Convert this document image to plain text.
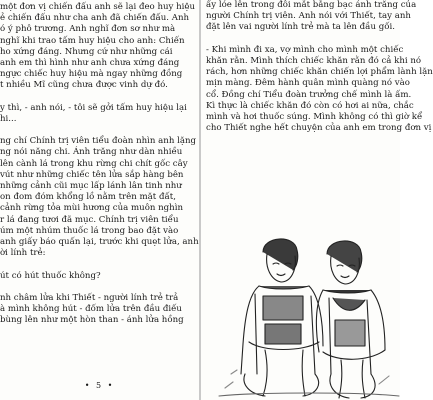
một đơn vị chiến đấu anh sẽ lại đeo huy hiệu
ẻ chiến đấu như cha anh đã chiến đấu. Anh
ó ý phô trương. Anh nghĩ đơn sơ như mà
nghĩ khi trao tấm huy hiệu cho anh: Chiến
ho xứng đáng. Nhưng cứ như những cái
anh em thì hình như anh chưa xứng đáng
ngực chiếc huy hiệu mà ngay những đồng
t nhiều Mĩ cũng chưa được vinh dự đó.
y thì, - anh nói, - tôi sẽ gởi tấm huy hiệu lại
hi...
ng chí Chính trị viên tiểu đoàn nhìn anh lặng
ng nói năng chi. Ánh trăng như dàn nhiều
lên cành lá trong khu rừng chi chít gốc cây
vút như những chiếc tên lửa sắp hàng bên
những cảnh cũi mục lấp lánh lân tinh như
on đom đóm khổng lồ nằm trên mặt đất,
cảnh rừng tỏa mùi hương của muôn nghìn
r lá đang tươi đã mục. Chính trị viên tiểu
úm một nhúm thuốc lá trong bao đặt vào
anh giấy báo quấn lại, trước khi quẹt lửa, anh
ời lính trẻ:
út có hút thuốc không?
nh châm lửa khi Thiết - người lính trẻ trả
à mình không hút - đốm lửa trên đầu điếu
bùng lên như một hòn than - ánh lửa hồng
• 5 •
ấy lóe lên trong đôi mắt bằng bạc ánh trăng của
người Chính trị viên. Anh nói với Thiết, tay anh
đặt lên vai người lính trẻ mà ta lên đầu gối.
- Khi mình đi xa, vợ mình cho mình một chiếc
khăn rằn. Mình thích chiếc khăn rằn đó cả khi nó
rách, hơn những chiếc khăn chiến lợi phẩm lành lặn
mịn màng. Đêm hành quân mình quàng nó vào
cổ. Đồng chí Tiểu đoàn trưởng chế mình là ấm.
Kì thực là chiếc khăn đó còn có hơi ai nữa, chắc
mình và hơi thuốc súng. Mình không có thì giờ kể
cho Thiết nghe hết chuyện của anh em trong đơn vị
